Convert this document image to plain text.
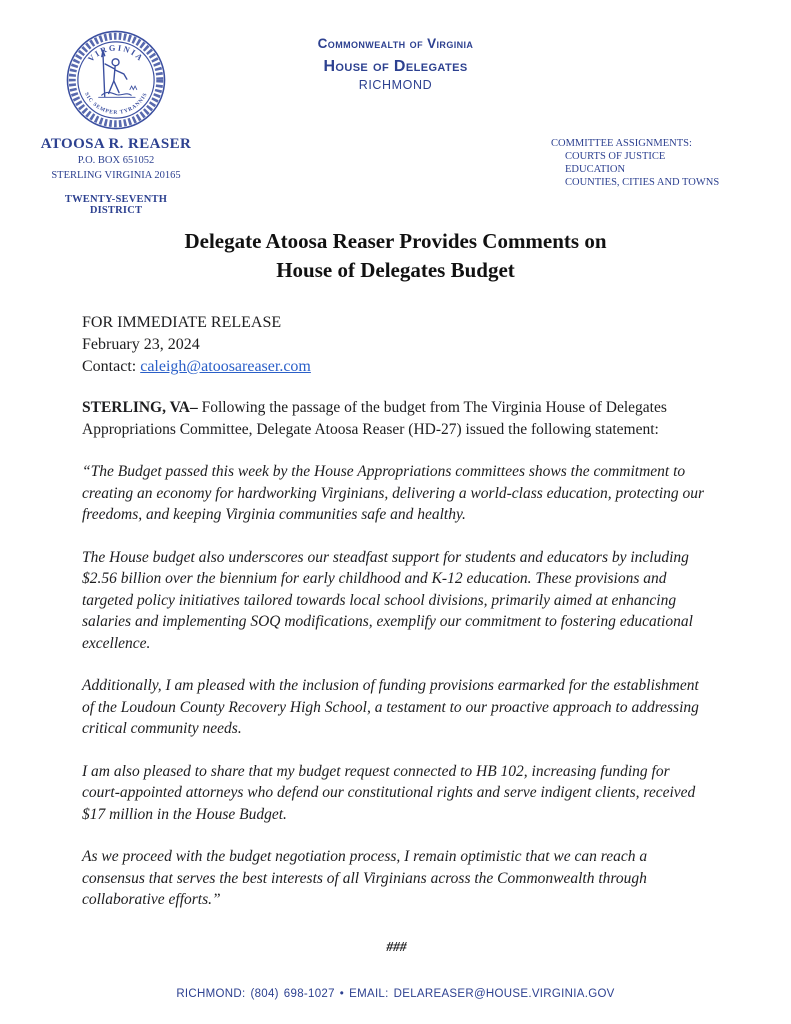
VIRGINIA
SIC SEMPER TYRANNIS
ATOOSA R. REASER
P.O. BOX 651052
STERLING VIRGINIA 20165
TWENTY-SEVENTH DISTRICT
Commonwealth of Virginia
House of Delegates
RICHMOND
COMMITTEE ASSIGNMENTS:
COURTS OF JUSTICE
EDUCATION
COUNTIES, CITIES AND TOWNS
Delegate Atoosa Reaser Provides Comments on
House of Delegates Budget
FOR IMMEDIATE RELEASE
February 23, 2024
Contact: caleigh@atoosareaser.com

STERLING, VA– Following the passage of the budget from The Virginia House of Delegates Appropriations Committee, Delegate Atoosa Reaser (HD-27) issued the following statement:

“The Budget passed this week by the House Appropriations committees shows the commitment to creating an economy for hardworking Virginians, delivering a world-class education, protecting our freedoms, and keeping Virginia communities safe and healthy.

The House budget also underscores our steadfast support for students and educators by including $2.56 billion over the biennium for early childhood and K-12 education. These provisions and targeted policy initiatives tailored towards local school divisions, primarily aimed at enhancing salaries and implementing SOQ modifications, exemplify our commitment to fostering educational excellence.

Additionally, I am pleased with the inclusion of funding provisions earmarked for the establishment of the Loudoun County Recovery High School, a testament to our proactive approach to addressing critical community needs.

I am also pleased to share that my budget request connected to HB 102, increasing funding for court-appointed attorneys who defend our constitutional rights and serve indigent clients, received $17 million in the House Budget.

As we proceed with the budget negotiation process, I remain optimistic that we can reach a consensus that serves the best interests of all Virginians across the Commonwealth through collaborative efforts.”

###
RICHMOND: (804) 698-1027 • EMAIL: DELAREASER@HOUSE.VIRGINIA.GOV
